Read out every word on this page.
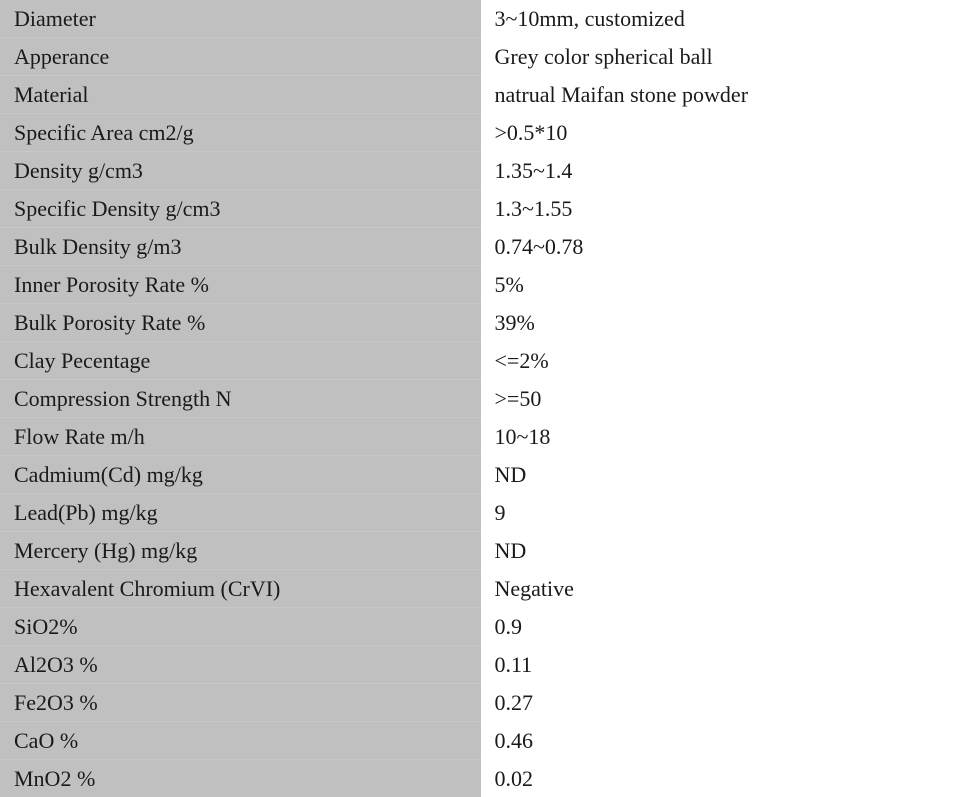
Diameter	3~10mm, customized
Apperance	Grey color spherical ball
Material	natrual Maifan stone powder
Specific Area cm2/g	>0.5*10
Density g/cm3	1.35~1.4
Specific Density g/cm3	1.3~1.55
Bulk Density g/m3	0.74~0.78
Inner Porosity Rate %	5%
Bulk Porosity Rate %	39%
Clay Pecentage	<=2%
Compression Strength N	>=50
Flow Rate m/h	10~18
Cadmium(Cd) mg/kg	ND
Lead(Pb) mg/kg	9
Mercery (Hg) mg/kg	ND
Hexavalent Chromium (CrVI)	Negative
SiO2%	0.9
Al2O3 %	0.11
Fe2O3 %	0.27
CaO %	0.46
MnO2 %	0.02
